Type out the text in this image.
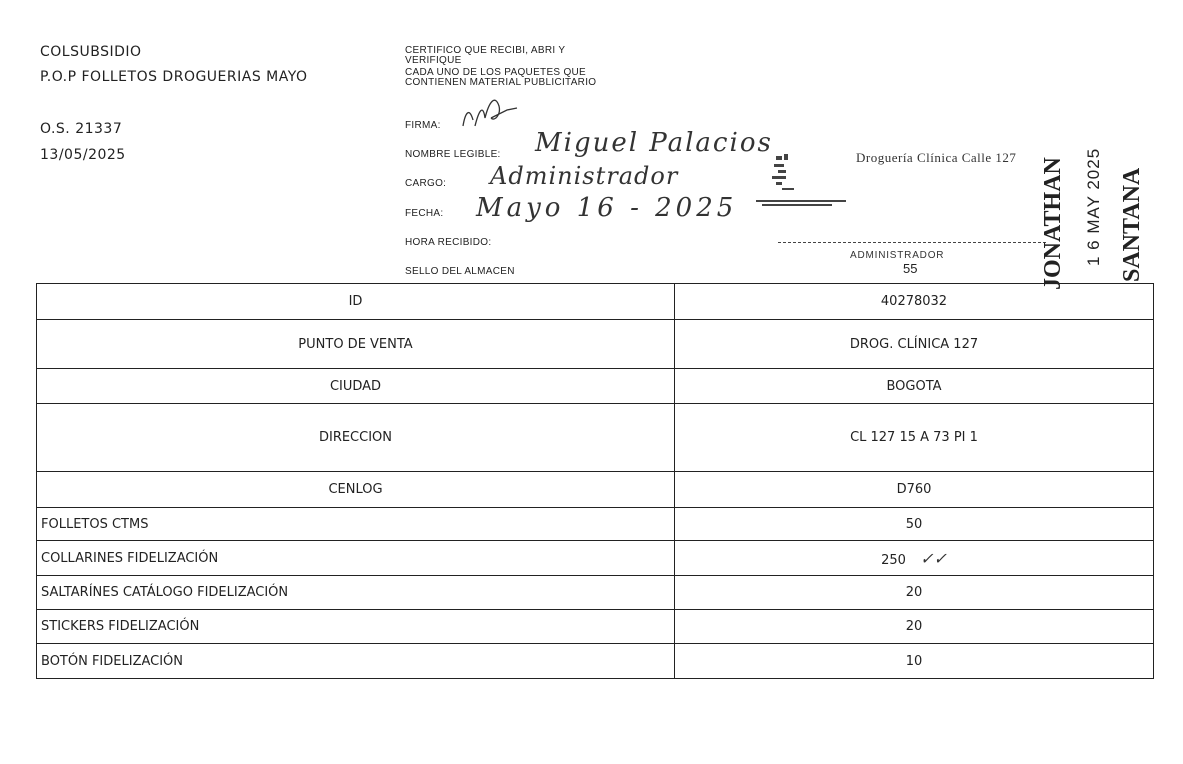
COLSUBSIDIO
P.O.P FOLLETOS DROGUERIAS MAYO
O.S. 21337
13/05/2025
CERTIFICO QUE RECIBI, ABRI Y
VERIFIQUE
CADA UNO DE LOS PAQUETES QUE
CONTIENEN MATERIAL PUBLICITARIO
FIRMA:
NOMBRE LEGIBLE: Miguel Palacios
CARGO: Administrador
FECHA: Mayo 16 - 2025
HORA RECIBIDO:
SELLO DEL ALMACEN
Droguería Clínica Calle 127
ADMINISTRADOR
55	JONATHAN 1 6 MAY 2025 SANTANA
ID	40278032
PUNTO DE VENTA	DROG. CLÍNICA 127
CIUDAD	BOGOTA
DIRECCION	CL 127 15 A 73 PI 1
CENLOG	D760
FOLLETOS CTMS	50
COLLARINES FIDELIZACIÓN	250 ✓✓
SALTARÍNES CATÁLOGO FIDELIZACIÓN	20
STICKERS FIDELIZACIÓN	20
BOTÓN FIDELIZACIÓN	10
